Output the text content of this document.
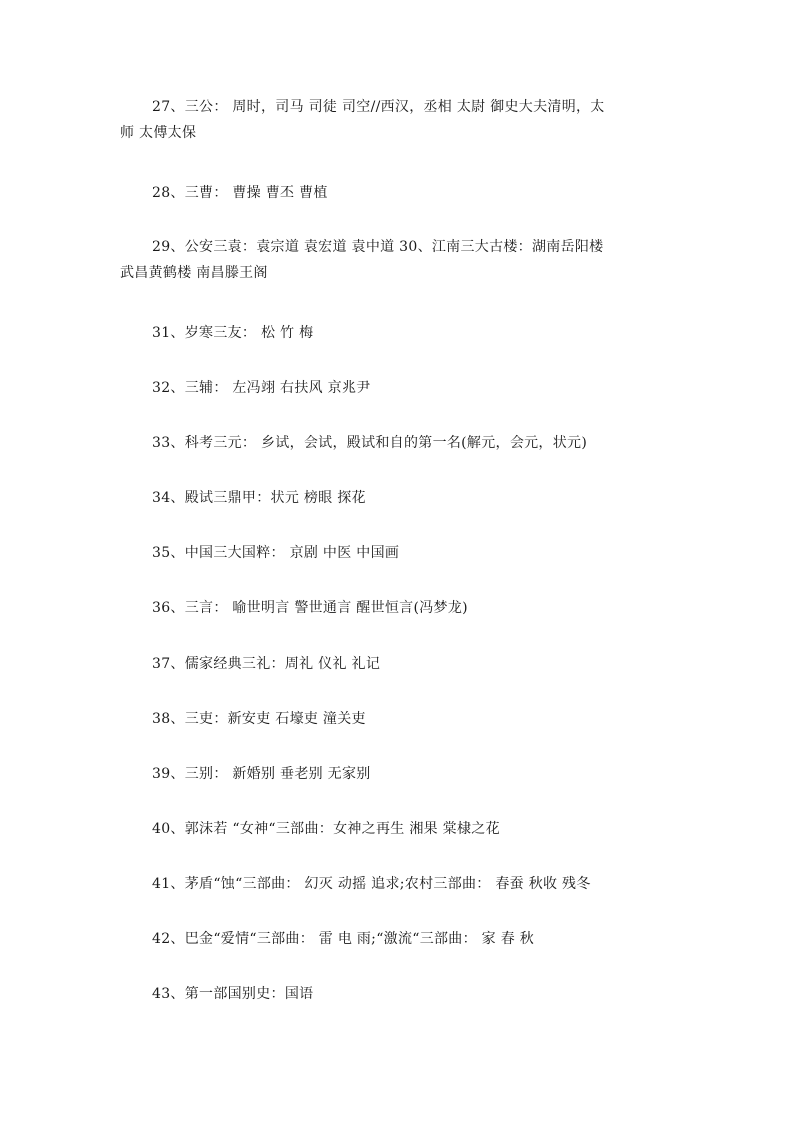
27、三公： 周时，司马 司徒 司空//西汉，丞相 太尉 御史大夫清明，太
师 太傅太保
28、三曹： 曹操 曹丕 曹植
29、公安三袁：袁宗道 袁宏道 袁中道 30、江南三大古楼：湖南岳阳楼
武昌黄鹤楼 南昌滕王阁
31、岁寒三友： 松 竹 梅
32、三辅： 左冯翊 右扶风 京兆尹
33、科考三元： 乡试，会试，殿试和自的第一名(解元，会元，状元)
34、殿试三鼎甲：状元 榜眼 探花
35、中国三大国粹： 京剧 中医 中国画
36、三言： 喻世明言 警世通言 醒世恒言(冯梦龙)
37、儒家经典三礼：周礼 仪礼 礼记
38、三吏：新安吏 石壕吏 潼关吏
39、三别： 新婚别 垂老别 无家别
40、郭沫若 “女神“三部曲：女神之再生 湘果 棠棣之花
41、茅盾“蚀“三部曲： 幻灭 动摇 追求;农村三部曲： 春蚕 秋收 残冬
42、巴金“爱情“三部曲： 雷 电 雨;“激流“三部曲： 家 春 秋
43、第一部国别史：国语
